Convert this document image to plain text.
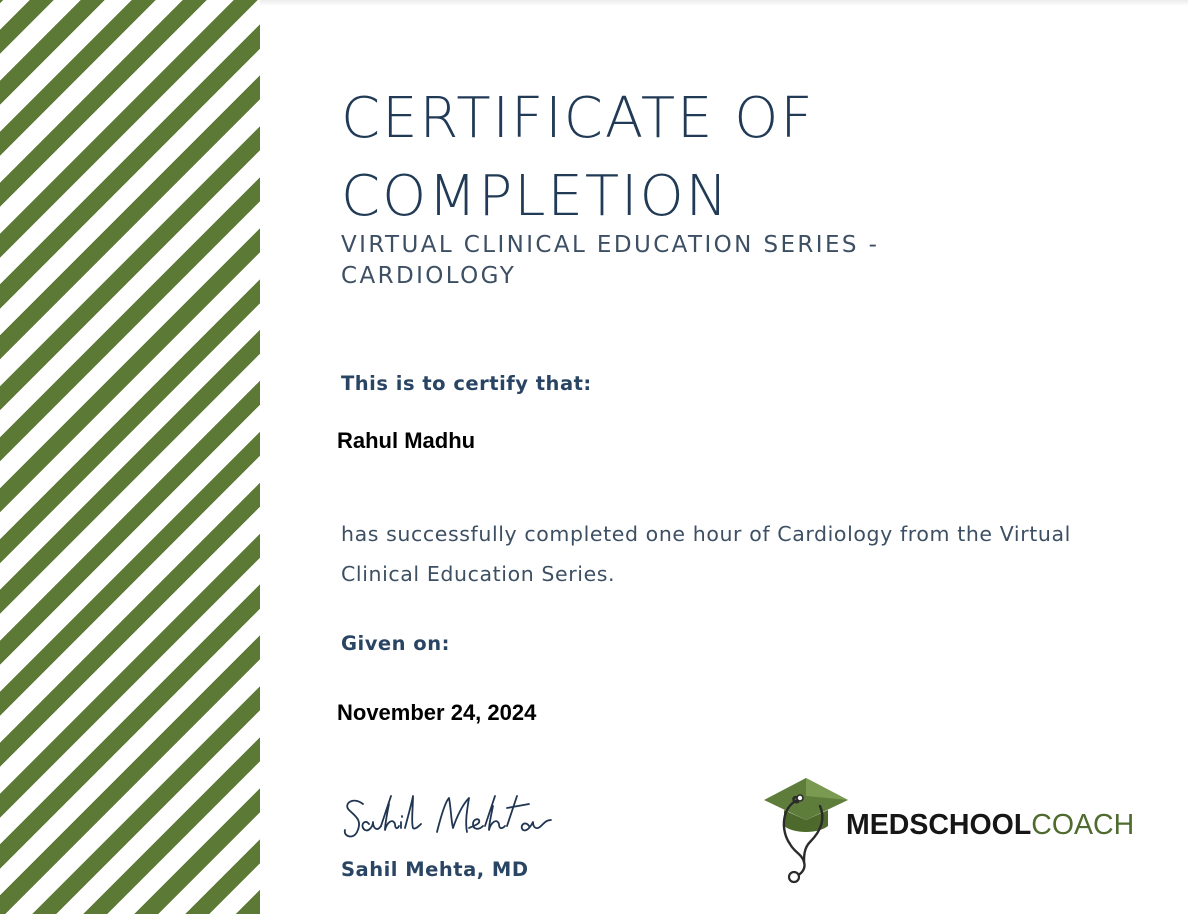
CERTIFICATE OF COMPLETION

VIRTUAL CLINICAL EDUCATION SERIES - CARDIOLOGY

This is to certify that:
Rahul Madhu

has successfully completed one hour of Cardiology from the Virtual Clinical Education Series.

Given on:
November 24, 2024
Sahil Mehta, MD
MEDSCHOOLCOACH
